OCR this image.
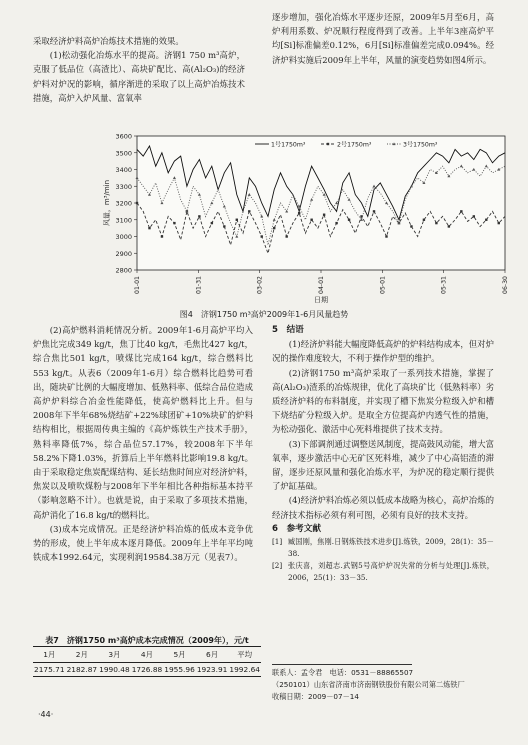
采取经济炉料高炉冶炼技术措施的效果。

(1)松动强化冶炼水平的提高。济钢1 750 m³高炉，克服了低品位（高渣比）、高块矿配比、高(Al₂O₃)的经济炉料对炉况的影响，循序渐进的采取了以上高炉冶炼技术措施，高炉入炉风量、富氧率

逐步增加，强化冶炼水平逐步还原，2009年5月至6月，高炉利用系数、炉况顺行程度得到了改善。上半年3座高炉平均[Si]标准偏差0.12%，6月[Si]标准偏差完成0.094%。经济炉料实施后2009年上半年，风量的演变趋势如图4所示。

2800
2900
3000
3100
3200
3300
3400
3500
3600
01-01	01-31	03-02	04-01	05-01	05-31	06-30
风量，m³/min
日期
1号1750m³	2号1750m³	3号1750m³
图4　济钢1750 m³高炉2009年1-6月风量趋势

(2)高炉燃料消耗情况分析。2009年1-6月高炉平均入炉焦比完成349 kg/t，焦丁比40 kg/t，毛焦比427 kg/t，综合焦比501 kg/t，喷煤比完成164 kg/t，综合燃料比553 kg/t。从表6（2009年1-6月）综合燃料比趋势可看出，随块矿比例的大幅度增加、低熟料率、低综合品位造成高炉炉料综合冶金性能降低，使高炉燃料比上升。但与2008年下半年68%烧结矿+22%球团矿+10%块矿的炉料结构相比，根据周传典主编的《高炉炼铁生产技术手册》，熟料率降低7%，综合品位57.17%，较2008年下半年58.2%下降1.03%，折算后上半年燃料比影响19.8 kg/t。由于采取稳定焦炭配煤结构、延长结焦时间应对经济炉料，焦炭以及喷吹煤粉与2008年下半年相比各种指标基本持平（影响忽略不计）。也就是说，由于采取了多项技术措施，高炉消化了16.8 kg/t的燃料比。

(3)成本完成情况。正是经济炉料冶炼的低成本竞争优势的形成，使上半年成本逐月降低。2009年上半年平均吨铁成本1992.64元，实现利润19584.38万元（见表7）。

表7　济钢1750 m³高炉成本完成情况（2009年），元/t
1月	2月	3月	4月	5月	6月	平均
2175.71	2182.87	1990.48	1726.88	1955.96	1923.91	1992.64

5　结语

(1)经济炉料能大幅度降低高炉的炉料结构成本，但对炉况的操作难度较大，不利于操作炉型的维护。

(2)济钢1750 m³高炉采取了一系列技术措施，掌握了高(Al₂O₃)渣系的冶炼规律，优化了高块矿比（低熟料率）劣质经济炉料的布料制度，并实现了槽下焦炭分粒级入炉和槽下烧结矿分粒级入炉。是取全方位提高炉内透气性的措施，为松动强化、激活中心死料堆提供了技术支持。

(3)下部调剂通过调整送风制度，提高鼓风动能，增大富氧率，逐步激活中心无矿区死料堆，减少了中心高铝渣的滞留，逐步还原风量和强化冶炼水平，为炉况的稳定顺行提供了炉缸基础。

(4)经济炉料冶炼必须以低成本战略为核心，高炉冶炼的经济技术指标必须有利可图，必须有良好的技术支持。

6　参考文献

[1] 臧国刚，焦刚.日钢炼铁技术进步[J].炼铁，2009，28(1)：35－38.

[2] 张庆喜，刘超志.武钢5号高炉炉况失常的分析与处理[J].炼铁，2006，25(1)：33－35.

联系人：孟令君　电话：0531－88865507
（250101）山东省济南市济南钢铁股份有限公司第二炼铁厂
收稿日期：2009－07－14
·44·
